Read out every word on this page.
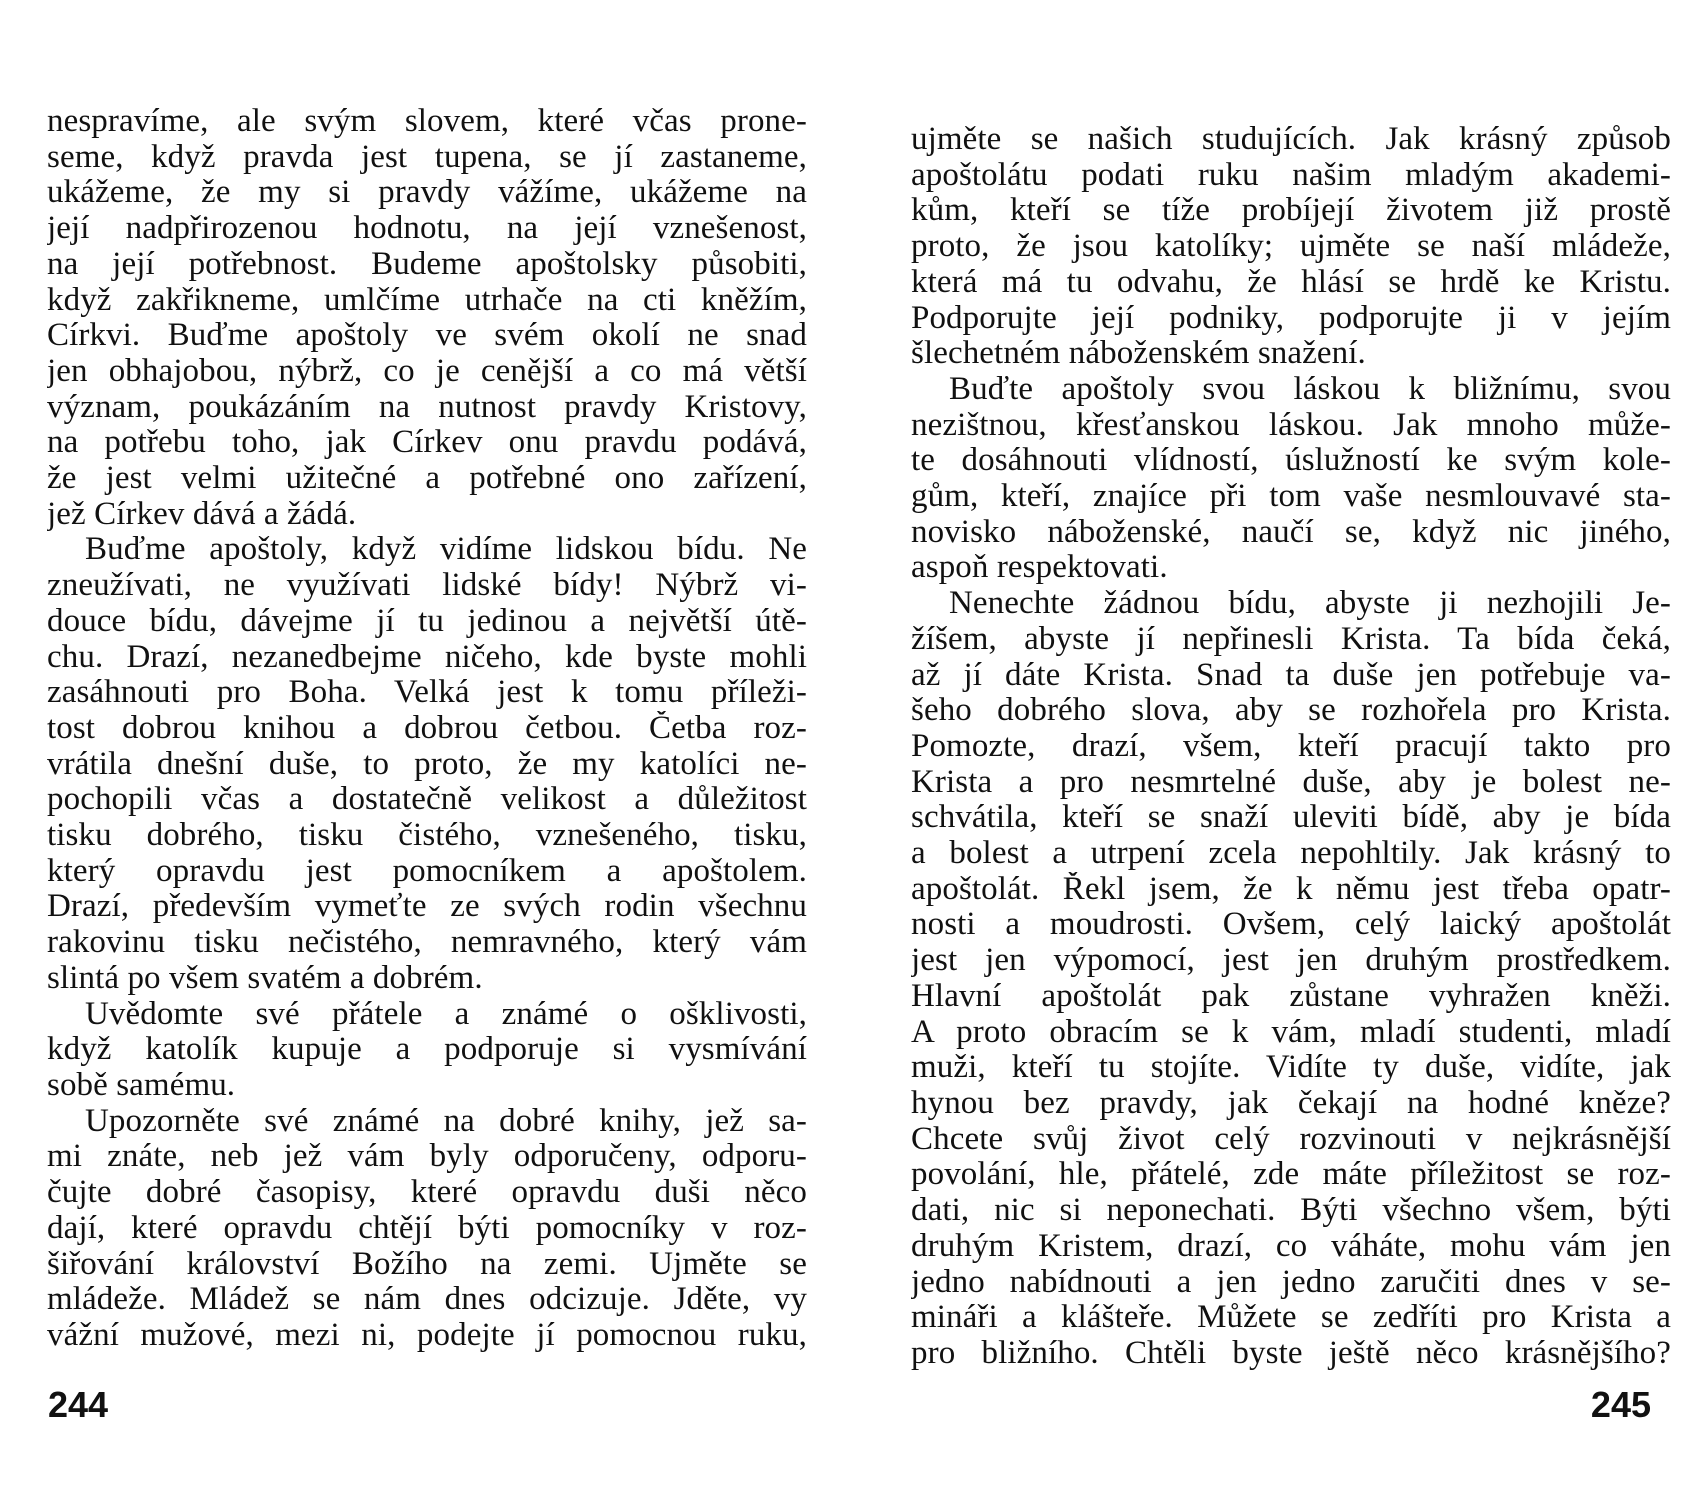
nespravíme, ale svým slovem, které včas prone-
seme, když pravda jest tupena, se jí zastaneme,
ukážeme, že my si pravdy vážíme, ukážeme na
její nadpřirozenou hodnotu, na její vznešenost,
na její potřebnost. Budeme apoštolsky působiti,
když zakřikneme, umlčíme utrhače na cti kněžím,
Církvi. Buďme apoštoly ve svém okolí ne snad
jen obhajobou, nýbrž, co je cenější a co má větší
význam, poukázáním na nutnost pravdy Kristovy,
na potřebu toho, jak Církev onu pravdu podává,
že jest velmi užitečné a potřebné ono zařízení,
jež Církev dává a žádá.
Buďme apoštoly, když vidíme lidskou bídu. Ne
zneužívati, ne využívati lidské bídy! Nýbrž vi-
douce bídu, dávejme jí tu jedinou a největší útě-
chu. Drazí, nezanedbejme ničeho, kde byste mohli
zasáhnouti pro Boha. Velká jest k tomu příleži-
tost dobrou knihou a dobrou četbou. Četba roz-
vrátila dnešní duše, to proto, že my katolíci ne-
pochopili včas a dostatečně velikost a důležitost
tisku dobrého, tisku čistého, vznešeného, tisku,
který opravdu jest pomocníkem a apoštolem.
Drazí, především vymeťte ze svých rodin všechnu
rakovinu tisku nečistého, nemravného, který vám
slintá po všem svatém a dobrém.
Uvědomte své přátele a známé o ošklivosti,
když katolík kupuje a podporuje si vysmívání
sobě samému.
Upozorněte své známé na dobré knihy, jež sa-
mi znáte, neb jež vám byly odporučeny, odporu-
čujte dobré časopisy, které opravdu duši něco
dají, které opravdu chtějí býti pomocníky v roz-
šiřování království Božího na zemi. Ujměte se
mládeže. Mládež se nám dnes odcizuje. Jděte, vy
vážní mužové, mezi ni, podejte jí pomocnou ruku,
244
ujměte se našich studujících. Jak krásný způsob
apoštolátu podati ruku našim mladým akademi-
kům, kteří se tíže probíjejí životem již prostě
proto, že jsou katolíky; ujměte se naší mládeže,
která má tu odvahu, že hlásí se hrdě ke Kristu.
Podporujte její podniky, podporujte ji v jejím
šlechetném náboženském snažení.
Buďte apoštoly svou láskou k bližnímu, svou
nezištnou, křesťanskou láskou. Jak mnoho může-
te dosáhnouti vlídností, úslužností ke svým kole-
gům, kteří, znajíce při tom vaše nesmlouvavé sta-
novisko náboženské, naučí se, když nic jiného,
aspoň respektovati.
Nenechte žádnou bídu, abyste ji nezhojili Je-
žíšem, abyste jí nepřinesli Krista. Ta bída čeká,
až jí dáte Krista. Snad ta duše jen potřebuje va-
šeho dobrého slova, aby se rozhořela pro Krista.
Pomozte, drazí, všem, kteří pracují takto pro
Krista a pro nesmrtelné duše, aby je bolest ne-
schvátila, kteří se snaží uleviti bídě, aby je bída
a bolest a utrpení zcela nepohltily. Jak krásný to
apoštolát. Řekl jsem, že k němu jest třeba opatr-
nosti a moudrosti. Ovšem, celý laický apoštolát
jest jen výpomocí, jest jen druhým prostředkem.
Hlavní apoštolát pak zůstane vyhražen kněži.
A proto obracím se k vám, mladí studenti, mladí
muži, kteří tu stojíte. Vidíte ty duše, vidíte, jak
hynou bez pravdy, jak čekají na hodné kněze?
Chcete svůj život celý rozvinouti v nejkrásnější
povolání, hle, přátelé, zde máte příležitost se roz-
dati, nic si neponechati. Býti všechno všem, býti
druhým Kristem, drazí, co váháte, mohu vám jen
jedno nabídnouti a jen jedno zaručiti dnes v se-
mináři a klášteře. Můžete se zedříti pro Krista a
pro bližního. Chtěli byste ještě něco krásnějšího?
245
